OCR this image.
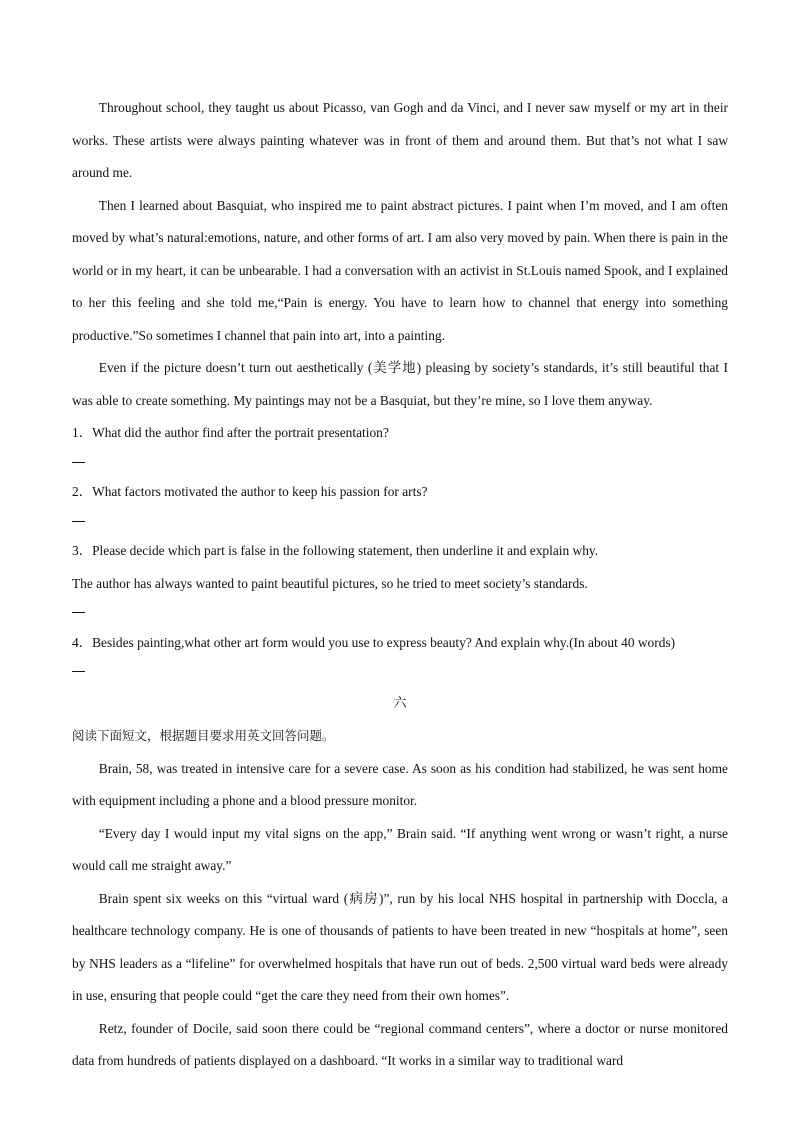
Throughout school, they taught us about Picasso, van Gogh and da Vinci, and I never saw myself or my art in their works. These artists were always painting whatever was in front of them and around them. But that’s not what I saw around me.

Then I learned about Basquiat, who inspired me to paint abstract pictures. I paint when I’m moved, and I am often moved by what’s natural:emotions, nature, and other forms of art. I am also very moved by pain. When there is pain in the world or in my heart, it can be unbearable. I had a conversation with an activist in St.Louis named Spook, and I explained to her this feeling and she told me,“Pain is energy. You have to learn how to channel that energy into something productive.”So sometimes I channel that pain into art, into a painting.

Even if the picture doesn’t turn out aesthetically (美学地) pleasing by society’s standards, it’s still beautiful that I was able to create something. My paintings may not be a Basquiat, but they’re mine, so I love them anyway.

1．What did the author find after the portrait presentation?

2．What factors motivated the author to keep his passion for arts?

3．Please decide which part is false in the following statement, then underline it and explain why.

The author has always wanted to paint beautiful pictures, so he tried to meet society’s standards.

4．Besides painting,what other art form would you use to express beauty? And explain why.(In about 40 words)

六

阅读下面短文，根据题目要求用英文回答问题。

Brain, 58, was treated in intensive care for a severe case. As soon as his condition had stabilized, he was sent home with equipment including a phone and a blood pressure monitor.

“Every day I would input my vital signs on the app,” Brain said. “If anything went wrong or wasn’t right, a nurse would call me straight away.”

Brain spent six weeks on this “virtual ward (病房)”, run by his local NHS hospital in partnership with Doccla, a healthcare technology company. He is one of thousands of patients to have been treated in new “hospitals at home”, seen by NHS leaders as a “lifeline” for overwhelmed hospitals that have run out of beds. 2,500 virtual ward beds were already in use, ensuring that people could “get the care they need from their own homes”.

Retz, founder of Docile, said soon there could be “regional command centers”, where a doctor or nurse monitored data from hundreds of patients displayed on a dashboard. “It works in a similar way to traditional ward
